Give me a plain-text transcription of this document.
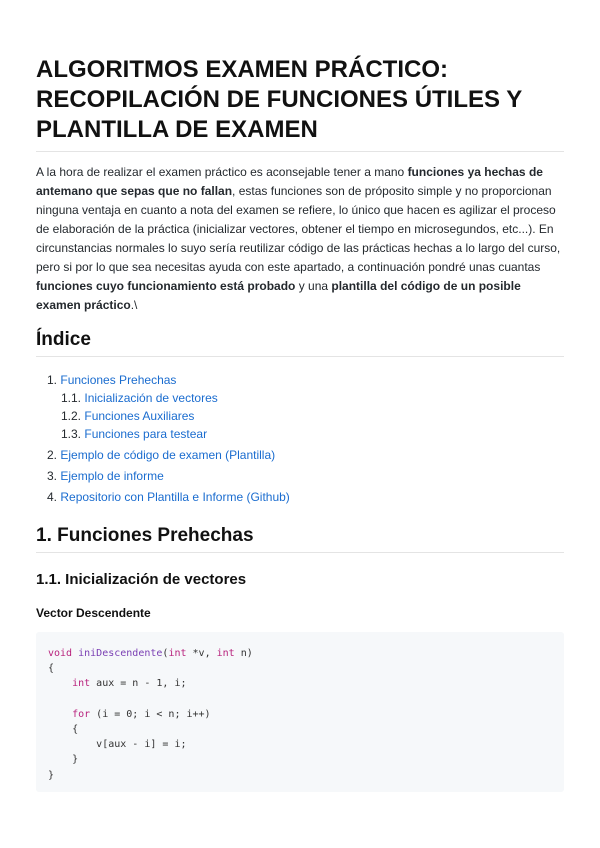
ALGORITMOS EXAMEN PRÁCTICO:
RECOPILACIÓN DE FUNCIONES ÚTILES Y
PLANTILLA DE EXAMEN

A la hora de realizar el examen práctico es aconsejable tener a mano funciones ya hechas de antemano que sepas que no fallan, estas funciones son de próposito simple y no proporcionan ninguna ventaja en cuanto a nota del examen se refiere, lo único que hacen es agilizar el proceso de elaboración de la práctica (inicializar vectores, obtener el tiempo en microsegundos, etc...). En circunstancias normales lo suyo sería reutilizar código de las prácticas hechas a lo largo del curso, pero si por lo que sea necesitas ayuda con este apartado, a continuación pondré unas cuantas funciones cuyo funcionamiento está probado y una plantilla del código de un posible examen práctico.\

Índice
1. Funciones Prehechas
1.1. Inicialización de vectores
1.2. Funciones Auxiliares
1.3. Funciones para testear
2. Ejemplo de código de examen (Plantilla)
3. Ejemplo de informe
4. Repositorio con Plantilla e Informe (Github)
1. Funciones Prehechas
1.1. Inicialización de vectores
Vector Descendente
void iniDescendente(int *v, int n)
{
int aux = n - 1, i;

for (i = 0; i < n; i++)
{
v[aux - i] = i;
}
}
